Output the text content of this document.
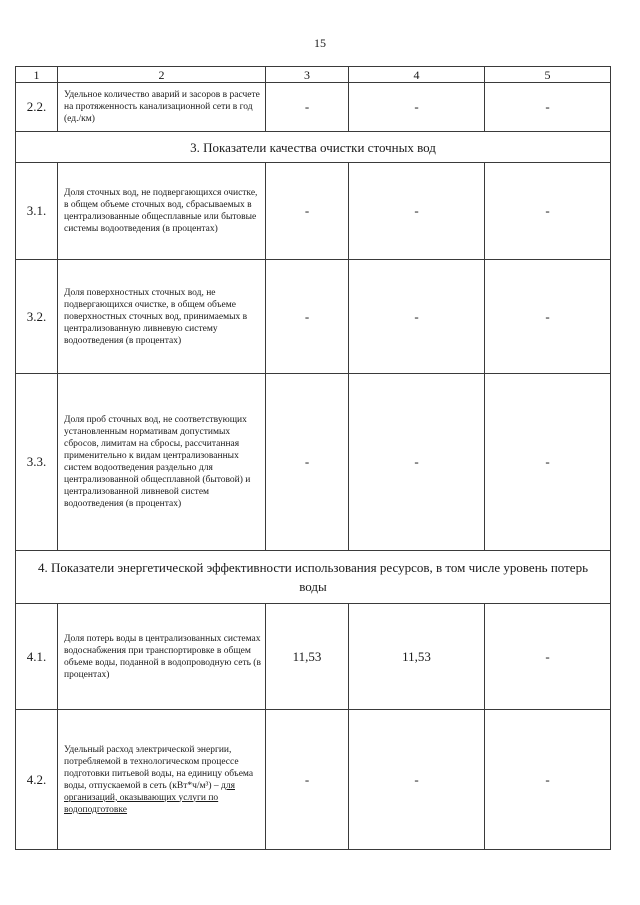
15
1	2	3	4	5
2.2.	Удельное количество аварий и засоров в расчете на протяженность канализационной сети в год (ед./км)	-	-	-
3. Показатели качества очистки сточных вод				
3.1.	Доля сточных вод, не подвергающихся очистке, в общем объеме сточных вод, сбрасываемых в централизованные общесплавные или бытовые системы водоотведения (в процентах)	-	-	-
3.2.	Доля поверхностных сточных вод, не подвергающихся очистке, в общем объеме поверхностных сточных вод, принимаемых в централизованную ливневую систему водоотведения (в процентах)	-	-	-
3.3.	Доля проб сточных вод, не соответствующих установленным нормативам допустимых сбросов, лимитам на сбросы, рассчитанная применительно к видам централизованных систем водоотведения раздельно для централизованной общесплавной (бытовой) и централизованной ливневой систем водоотведения (в процентах)	-	-	-
4. Показатели энергетической эффективности использования ресурсов, в том числе уровень потерь воды				
4.1.	Доля потерь воды в централизованных системах водоснабжения при транспортировке в общем объеме воды, поданной в водопроводную сеть (в процентах)	11,53	11,53	-
4.2.	Удельный расход электрической энергии, потребляемой в технологическом процессе подготовки питьевой воды, на единицу объема воды, отпускаемой в сеть (кВт*ч/м³) – для организаций, оказывающих услуги по водоподготовке	-	-	-
